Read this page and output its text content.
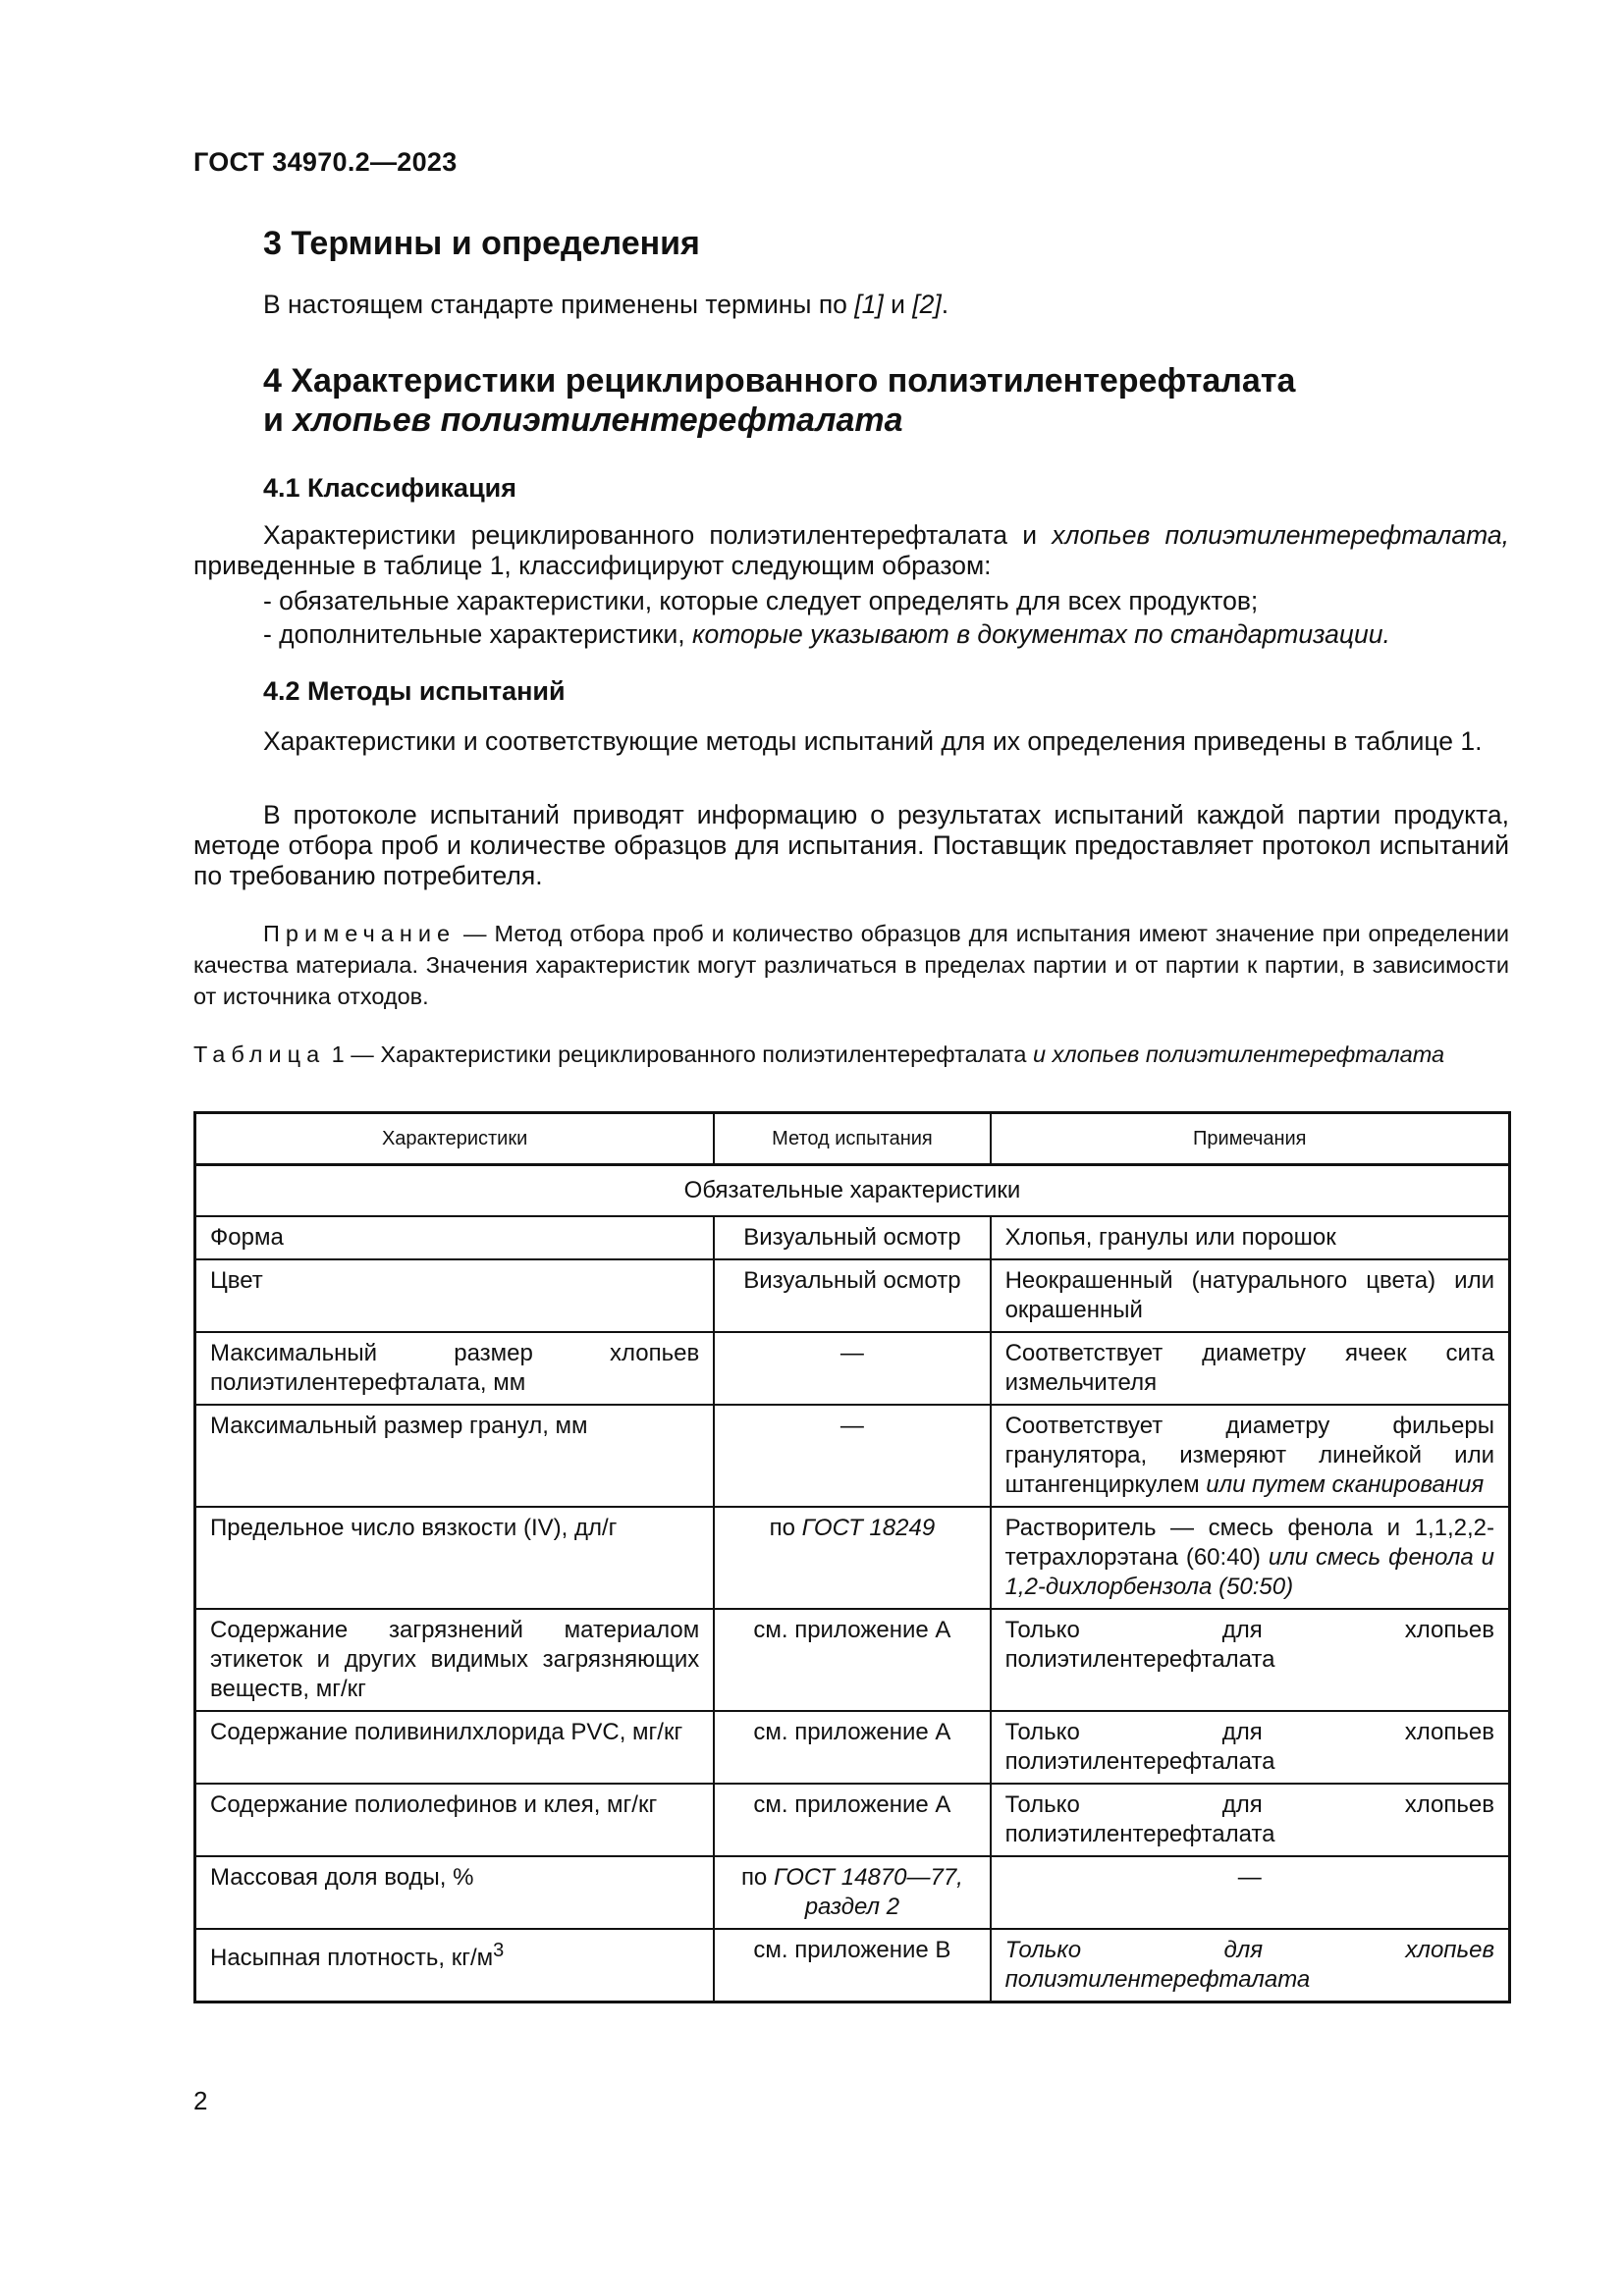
ГОСТ 34970.2—2023
3 Термины и определения
В настоящем стандарте применены термины по [1] и [2].
4 Характеристики рециклированного полиэтилентерефталата
и хлопьев полиэтилентерефталата
4.1 Классификация
Характеристики рециклированного полиэтилентерефталата и хлопьев полиэтилентерефталата, приведенные в таблице 1, классифицируют следующим образом:
- обязательные характеристики, которые следует определять для всех продуктов;
- дополнительные характеристики, которые указывают в документах по стандартизации.
4.2 Методы испытаний
Характеристики и соответствующие методы испытаний для их определения приведены в таблице 1.
В протоколе испытаний приводят информацию о результатах испытаний каждой партии продукта, методе отбора проб и количестве образцов для испытания. Поставщик предоставляет протокол испытаний по требованию потребителя.
Примечание — Метод отбора проб и количество образцов для испытания имеют значение при определении качества материала. Значения характеристик могут различаться в пределах партии и от партии к партии, в зависимости от источника отходов.
Таблица 1 — Характеристики рециклированного полиэтилентерефталата и хлопьев полиэтилентерефталата
Характеристики	Метод испытания	Примечания
Обязательные характеристики		
Форма	Визуальный осмотр	Хлопья, гранулы или порошок
Цвет	Визуальный осмотр	Неокрашенный (натурального цвета) или окрашенный
Максимальный размер хлопьев полиэтилентерефталата, мм	—	Соответствует диаметру ячеек сита измельчителя
Максимальный размер гранул, мм	—	Соответствует диаметру фильеры гранулятора, измеряют линейкой или штангенциркулем или путем сканирования
Предельное число вязкости (IV), дл/г	по ГОСТ 18249	Растворитель — смесь фенола и 1,1,2,2-тетрахлорэтана (60:40) или смесь фенола и 1,2-дихлорбензола (50:50)
Содержание загрязнений материалом этикеток и других видимых загрязняющих веществ, мг/кг	см. приложение А	Только для хлопьев полиэтилентерефталата
Содержание поливинилхлорида PVC, мг/кг	см. приложение А	Только для хлопьев полиэтилентерефталата
Содержание полиолефинов и клея, мг/кг	см. приложение А	Только для хлопьев полиэтилентерефталата
Массовая доля воды, %	по ГОСТ 14870—77, раздел 2	—
Насыпная плотность, $кг/м^3$	см. приложение В	Только для хлопьев полиэтилентерефталата
2
